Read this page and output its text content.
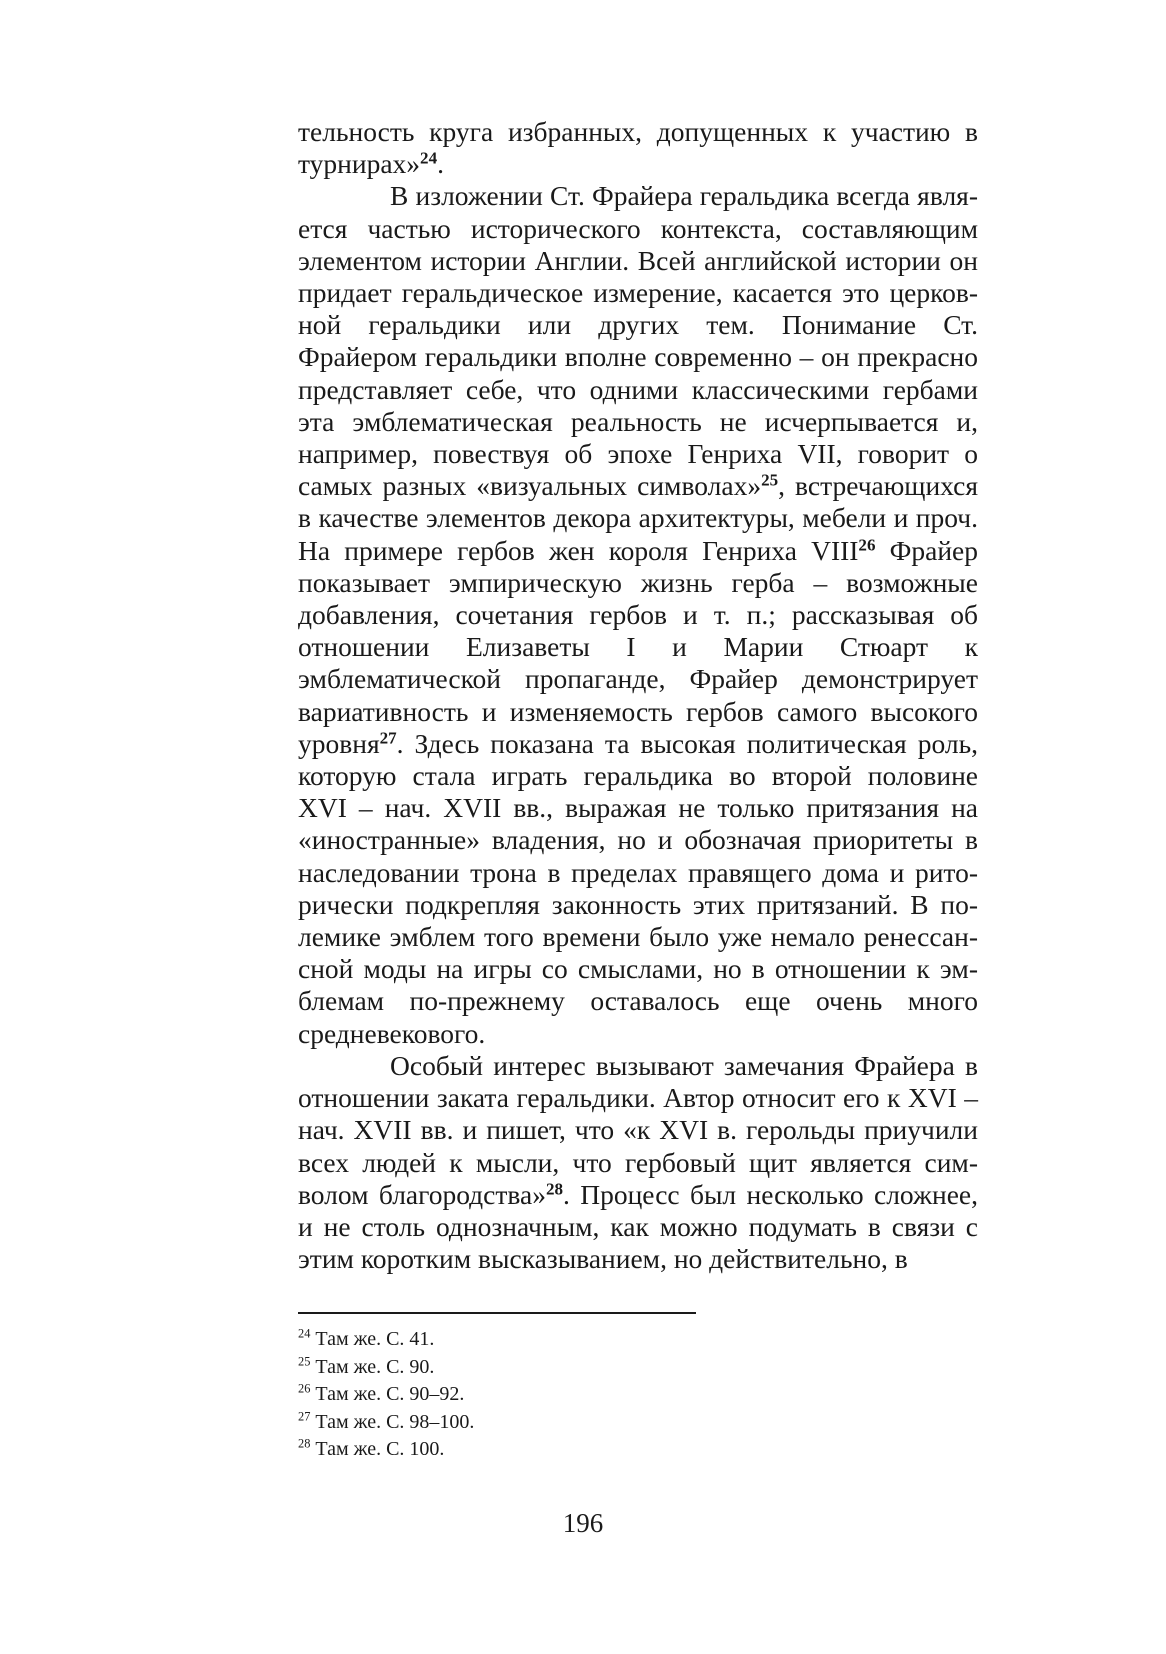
тельность круга избранных, допущенных к участию в турнирах»$^{24}$.

В изложении Ст. Фрайера геральдика всегда является частью исторического контекста, составляющим элементом истории Англии. Всей английской истории он придает геральдическое измерение, касается это церковной геральдики или других тем. Понимание Ст. Фрайером геральдики вполне современно – он прекрасно представляет себе, что одними классическими гербами эта эмблематическая реальность не исчерпывается и, например, повествуя об эпохе Генриха VII, говорит о самых разных «визуальных символах»$^{25}$, встречающихся в качестве элементов декора архитектуры, мебели и проч. На примере гербов жен короля Генриха VIII$^{26}$ Фрайер показывает эмпирическую жизнь герба – возможные добавления, сочетания гербов и т. п.; рассказывая об отношении Елизаветы I и Марии Стюарт к эмблематической пропаганде, Фрайер демонстрирует вариативность и изменяемость гербов самого высокого уровня$^{27}$. Здесь показана та высокая политическая роль, которую стала играть геральдика во второй половине XVI – нач. XVII вв., выражая не только притязания на «иностранные» владения, но и обозначая приоритеты в наследовании трона в пределах правящего дома и риторически подкрепляя законность этих притязаний. В полемике эмблем того времени было уже немало ренессансной моды на игры со смыслами, но в отношении к эмблемам по-прежнему оставалось еще очень много средневекового.

Особый интерес вызывают замечания Фрайера в отношении заката геральдики. Автор относит его к XVI – нач. XVII вв. и пишет, что «к XVI в. герольды приучили всех людей к мысли, что гербовый щит является символом благородства»$^{28}$. Процесс был несколько сложнее, и не столь однозначным, как можно подумать в связи с этим коротким высказыванием, но действительно, в

$^{24}$ Там же. С. 41.
$^{25}$ Там же. С. 90.
$^{26}$ Там же. С. 90–92.
$^{27}$ Там же. С. 98–100.
$^{28}$ Там же. С. 100.
196
